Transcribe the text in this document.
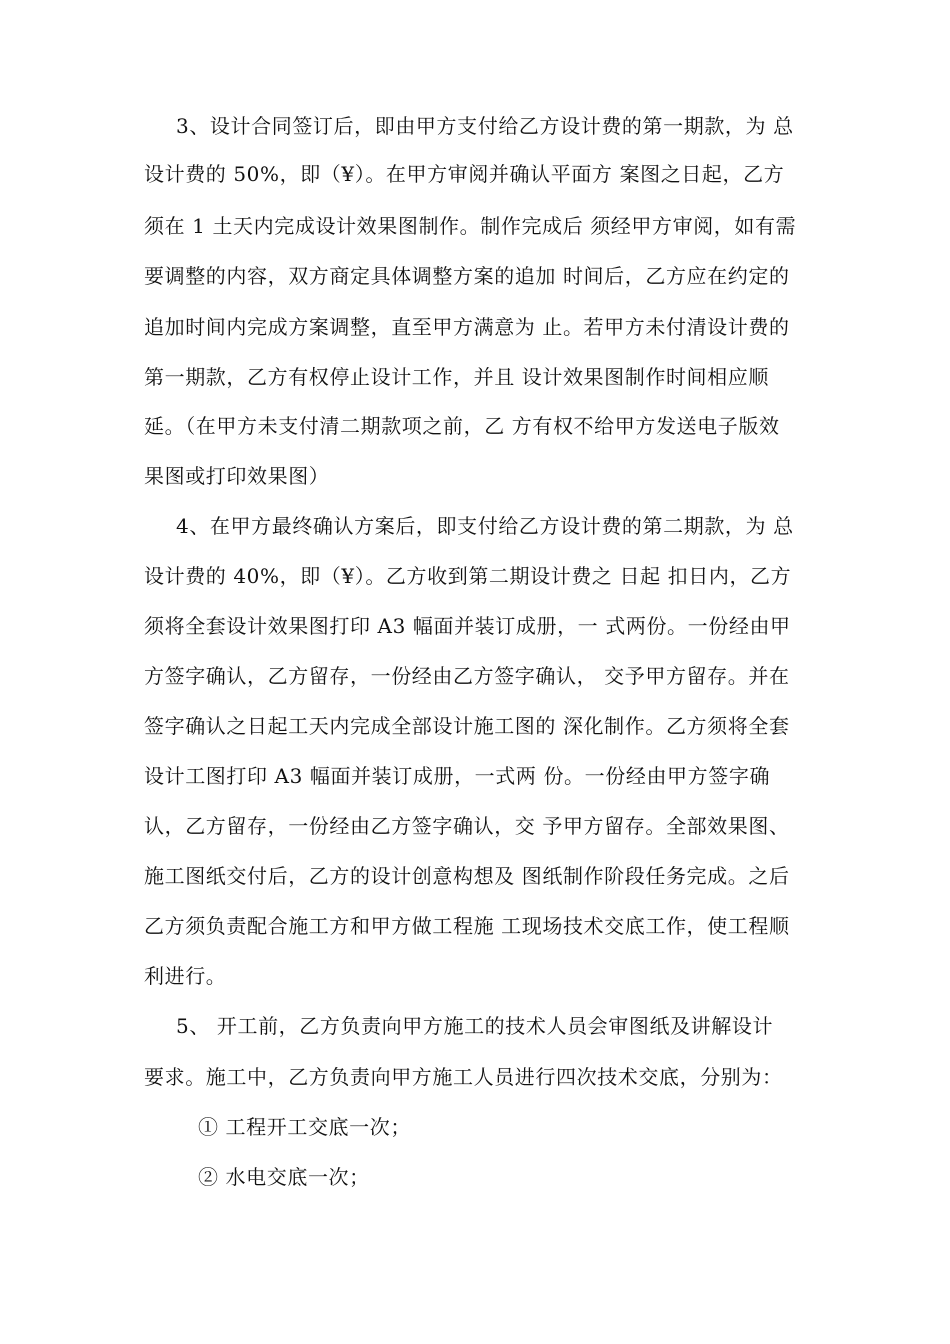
3、设计合同签订后，即由甲方支付给乙方设计费的第一期款，为 总
设计费的 50%，即（¥）。在甲方审阅并确认平面方 案图之日起，乙方
须在 1 土天内完成设计效果图制作。制作完成后 须经甲方审阅，如有需
要调整的内容，双方商定具体调整方案的追加 时间后，乙方应在约定的
追加时间内完成方案调整，直至甲方满意为 止。若甲方未付清设计费的
第一期款，乙方有权停止设计工作，并且 设计效果图制作时间相应顺
延。（在甲方未支付清二期款项之前，乙 方有权不给甲方发送电子版效
果图或打印效果图）
4、在甲方最终确认方案后，即支付给乙方设计费的第二期款，为 总
设计费的 40%，即（¥）。乙方收到第二期设计费之 日起 扣日内，乙方
须将全套设计效果图打印 A3 幅面并装订成册，一 式两份。一份经由甲
方签字确认，乙方留存，一份经由乙方签字确认， 交予甲方留存。并在
签字确认之日起工天内完成全部设计施工图的 深化制作。乙方须将全套
设计工图打印 A3 幅面并装订成册，一式两 份。一份经由甲方签字确
认，乙方留存，一份经由乙方签字确认，交 予甲方留存。全部效果图、
施工图纸交付后，乙方的设计创意构想及 图纸制作阶段任务完成。之后
乙方须负责配合施工方和甲方做工程施 工现场技术交底工作，使工程顺
利进行。
5、 开工前，乙方负责向甲方施工的技术人员会审图纸及讲解设计
要求。施工中，乙方负责向甲方施工人员进行四次技术交底，分别为：
① 工程开工交底一次；
② 水电交底一次；
